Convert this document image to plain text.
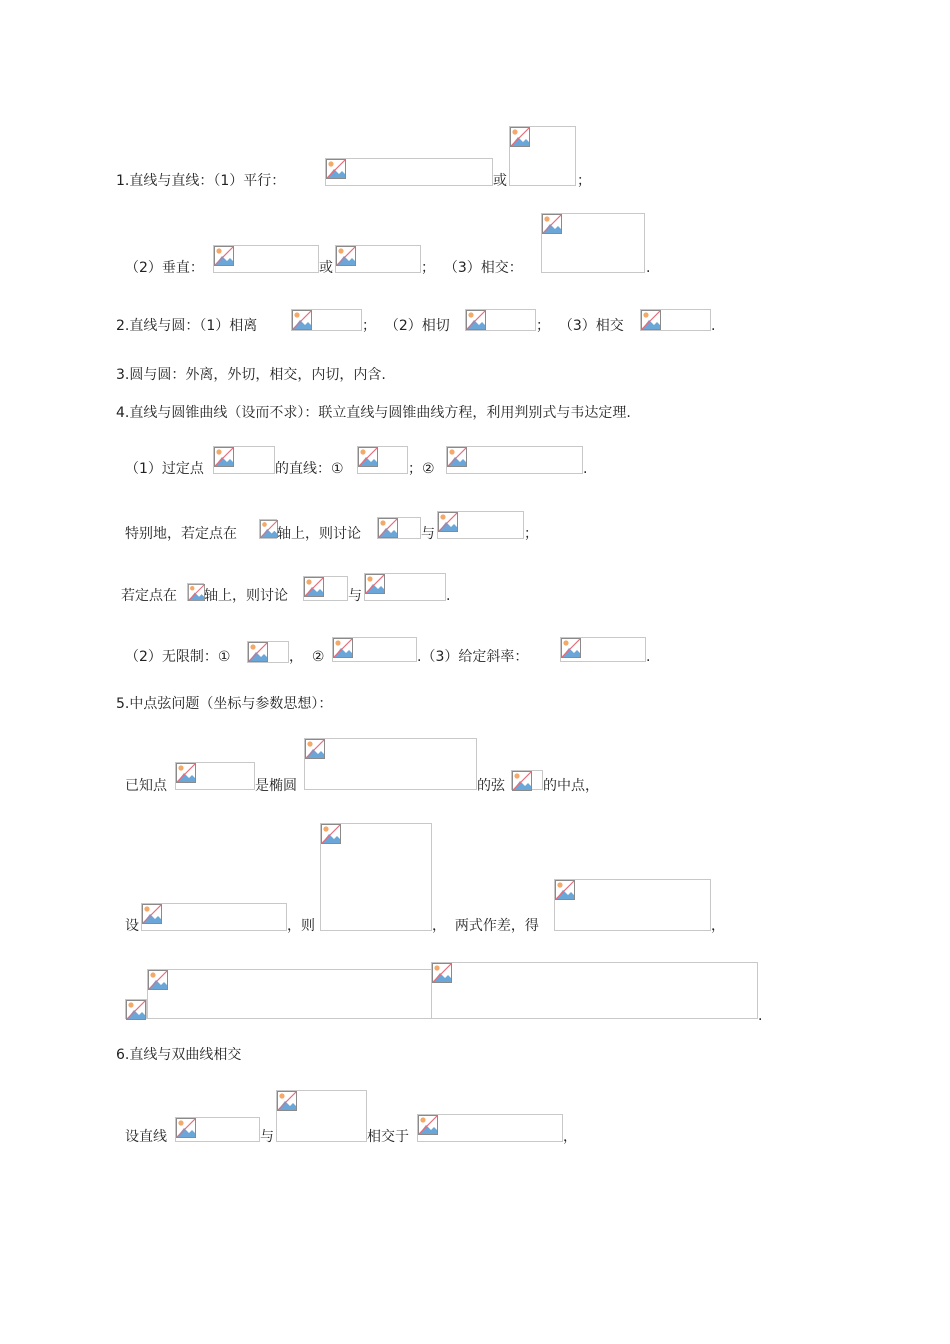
1.直线与直线：（1）平行：	或	；
（2）垂直：	或	；  （3）相交：	.
2.直线与圆：（1）相离	；  （2）相切	；  （3）相交	.
3.圆与圆：外离，外切，相交，内切，内含.
4.直线与圆锥曲线（设而不求）：联立直线与圆锥曲线方程，利用判别式与韦达定理.
（1）过定点	的直线：①	；②	.
特别地，若定点在	轴上，则讨论	与	；
若定点在 轴上，则讨论	与	.
（2）无限制：①	，  ②	.（3）给定斜率：	.
5.中点弦问题（坐标与参数思想）：
已知点	是椭圆	的弦	的中点，
设	，则	，  两式作差，得	，
.
6.直线与双曲线相交
设直线	与	相交于	，
